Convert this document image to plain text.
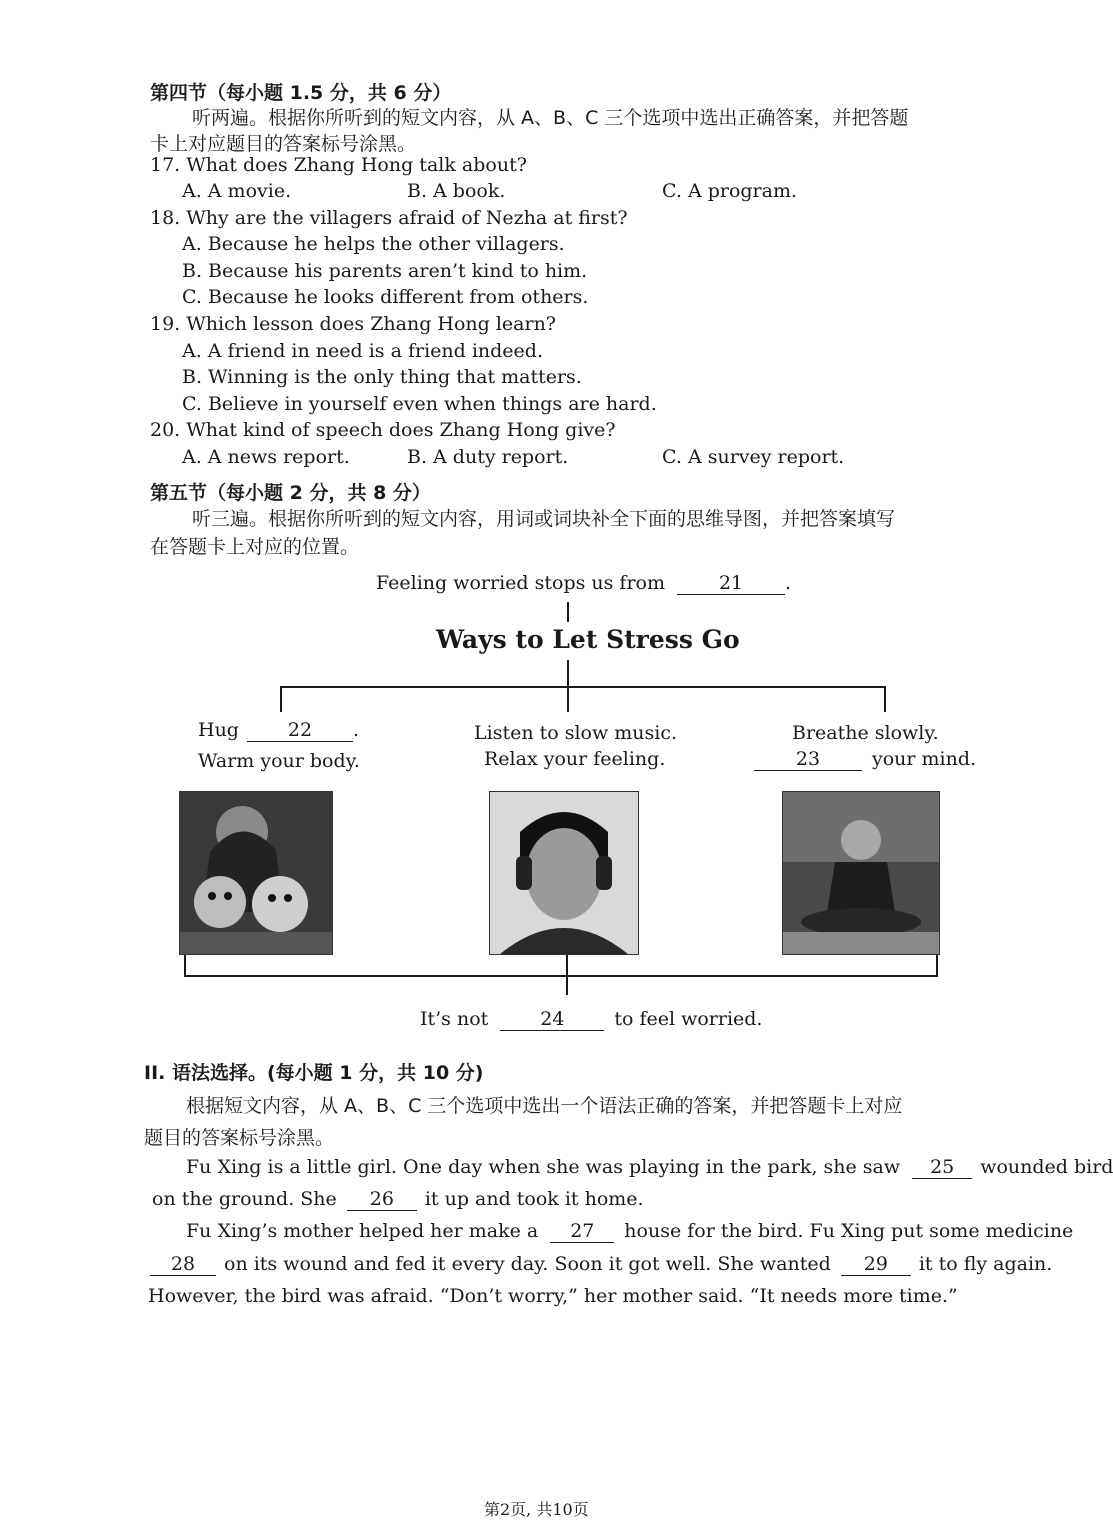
第四节（每小题 1.5 分，共 6 分）
听两遍。根据你所听到的短文内容，从 A、B、C 三个选项中选出正确答案，并把答题
卡上对应题目的答案标号涂黑。
17. What does Zhang Hong talk about?
A. A movie.	B. A book.	C. A program.
18. Why are the villagers afraid of Nezha at first?
A. Because he helps the other villagers.
B. Because his parents aren’t kind to him.
C. Because he looks different from others.
19. Which lesson does Zhang Hong learn?
A. A friend in need is a friend indeed.
B. Winning is the only thing that matters.
C. Believe in yourself even when things are hard.
20. What kind of speech does Zhang Hong give?
A. A news report.	B. A duty report.	C. A survey report.
第五节（每小题 2 分，共 8 分）
听三遍。根据你所听到的短文内容，用词或词块补全下面的思维导图，并把答案填写
在答题卡上对应的位置。
Feeling worried stops us from	21 .
Ways to Let Stress Go
Hug	22 .
Warm your body.
Listen to slow music.
Relax your feeling.
Breathe slowly.
23	your mind.
It’s not	24	to feel worried.
II. 语法选择。(每小题 1 分，共 10 分)
根据短文内容，从 A、B、C 三个选项中选出一个语法正确的答案，并把答题卡上对应
题目的答案标号涂黑。
Fu Xing is a little girl. One day when she was playing in the park, she saw 25 wounded bird
on the ground. She 26 it up and took it home.
Fu Xing’s mother helped her make a 27 house for the bird. Fu Xing put some medicine
28 on its wound and fed it every day. Soon it got well. She wanted 29 it to fly again.
However, the bird was afraid. “Don’t worry,” her mother said. “It needs more time.”
第2页, 共10页
